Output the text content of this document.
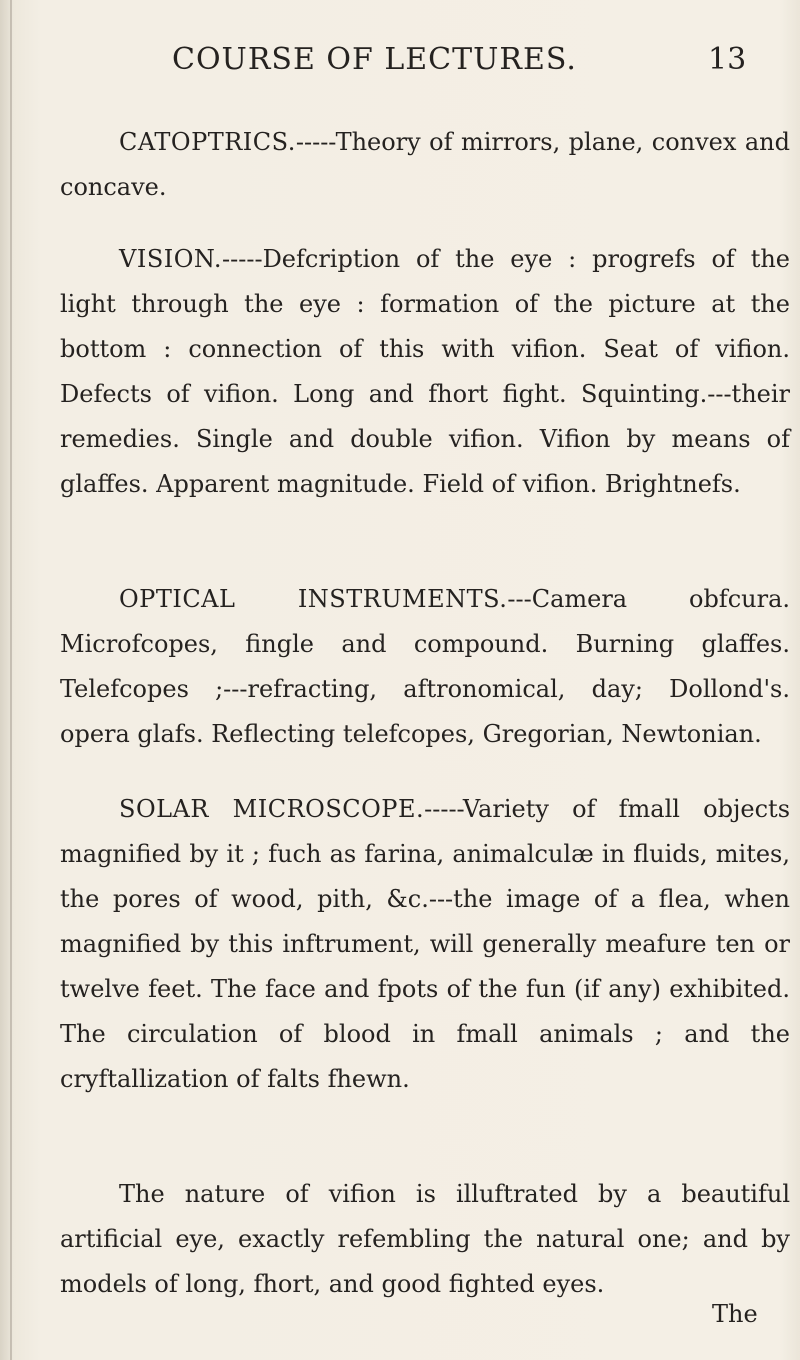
COURSE OF LECTURES.	13

CATOPTRICS.-----Theory of mirrors, plane, convex and concave.

VISION.-----Defcription of the eye : progrefs of the light through the eye : formation of the picture at the bottom : connection of this with vifion. Seat of vifion. Defects of vifion. Long and fhort fight. Squinting.---their remedies. Single and double vifion. Vifion by means of glaffes. Apparent magnitude. Field of vifion. Brightnefs.

OPTICAL INSTRUMENTS.---Camera obfcura. Microfcopes, fingle and compound. Burning glaffes. Telefcopes ;---refracting, aftronomical, day; Dollond's. opera glafs. Reflecting telefcopes, Gregorian, Newtonian.

SOLAR MICROSCOPE.-----Variety of fmall objects magnified by it ; fuch as farina, animalculæ in fluids, mites, the pores of wood, pith, &c.---the image of a flea, when magnified by this inftrument, will generally meafure ten or twelve feet. The face and fpots of the fun (if any) exhibited. The circulation of blood in fmall animals ; and the cryftallization of falts fhewn.

The nature of vifion is illuftrated by a beautiful artificial eye, exactly refembling the natural one; and by models of long, fhort, and good fighted eyes.

The
